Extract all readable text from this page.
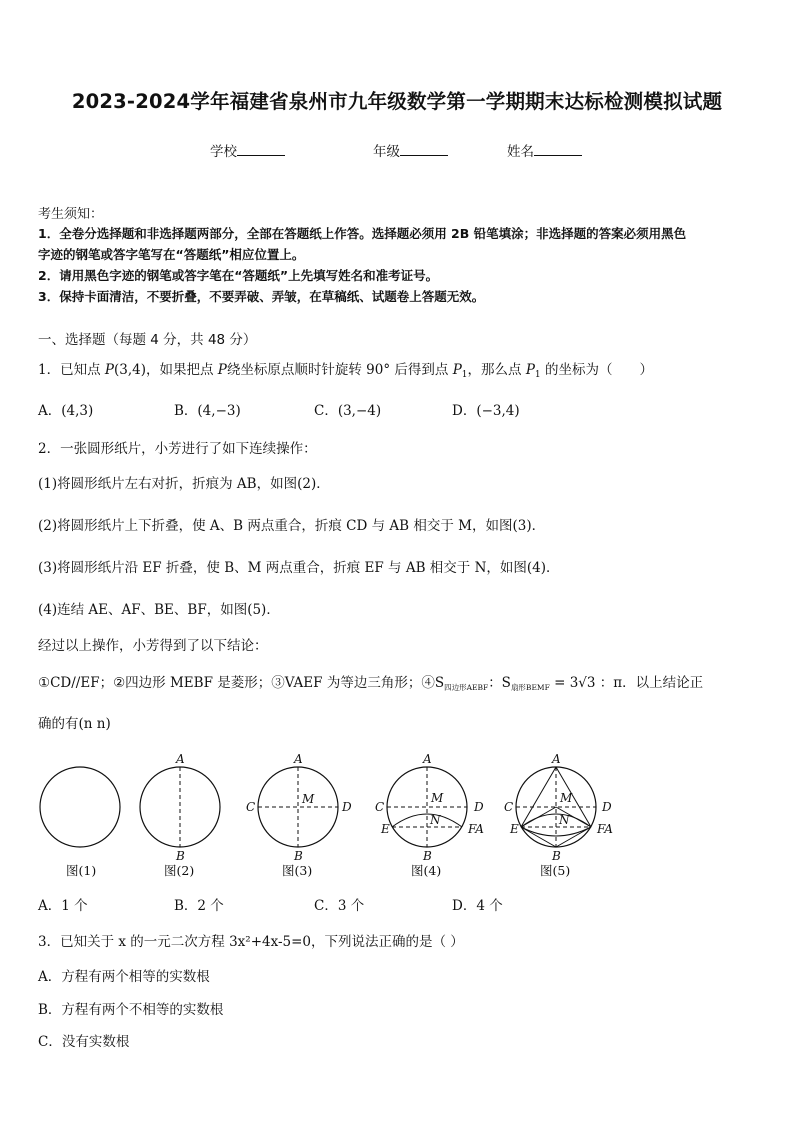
2023-2024学年福建省泉州市九年级数学第一学期期末达标检测模拟试题
学校	年级	姓名
考生须知：
1．全卷分选择题和非选择题两部分，全部在答题纸上作答。选择题必须用 2B 铅笔填涂；非选择题的答案必须用黑色
字迹的钢笔或答字笔写在“答题纸”相应位置上。
2．请用黑色字迹的钢笔或答字笔在“答题纸”上先填写姓名和准考证号。
3．保持卡面清洁，不要折叠，不要弄破、弄皱，在草稿纸、试题卷上答题无效。
一、选择题（每题 4 分，共 48 分）
1．已知点 P(3,4)，如果把点 P绕坐标原点顺时针旋转 90° 后得到点 $P_1$，那么点 $P_1$ 的坐标为（　　）
A．(4,3)	B．(4,−3)	C．(3,−4)	D．(−3,4)
2．一张圆形纸片，小芳进行了如下连续操作：
(1)将圆形纸片左右对折，折痕为 AB，如图(2)．
(2)将圆形纸片上下折叠，使 A、B 两点重合，折痕 CD 与 AB 相交于 M，如图(3)．
(3)将圆形纸片沿 EF 折叠，使 B、M 两点重合，折痕 EF 与 AB 相交于 N，如图(4)．
(4)连结 AE、AF、BE、BF，如图(5)．
经过以上操作，小芳得到了以下结论：
①CD//EF；②四边形 MEBF 是菱形；③VAEF 为等边三角形；$④S_{四边形AEBF}$：$S_{扇形BEMF} = 3√3$ ：π．以上结论正
确的有(n n)
A
B
A
B
C	D
M
A
B
C	D
M
N
E	FA
A
B
C	D
M
N
E	FA
图(1)	图(2)	图(3)	图(4)	图(5)
A．1 个	B．2 个	C．3 个	D．4 个
3．已知关于 x 的一元二次方程 3x²+4x-5=0，下列说法正确的是（ ）
A．方程有两个相等的实数根
B．方程有两个不相等的实数根
C．没有实数根
